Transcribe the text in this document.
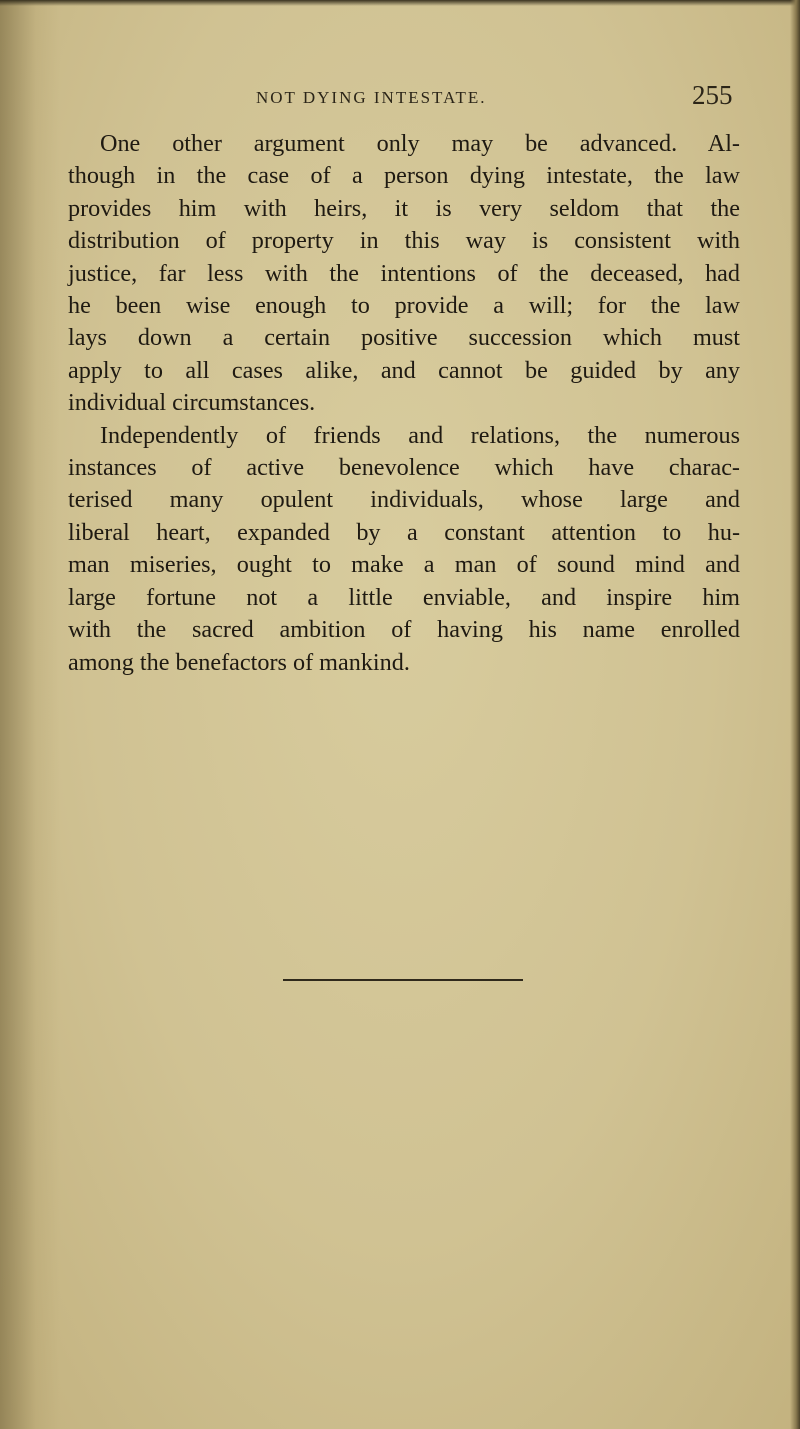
NOT DYING INTESTATE.	255
One other argument only may be advanced. Al-
though in the case of a person dying intestate, the law
provides him with heirs, it is very seldom that the
distribution of property in this way is consistent with
justice, far less with the intentions of the deceased, had
he been wise enough to provide a will; for the law
lays down a certain positive succession which must
apply to all cases alike, and cannot be guided by any
individual circumstances.
Independently of friends and relations, the numerous
instances of active benevolence which have charac-
terised many opulent individuals, whose large and
liberal heart, expanded by a constant attention to hu-
man miseries, ought to make a man of sound mind and
large fortune not a little enviable, and inspire him
with the sacred ambition of having his name enrolled
among the benefactors of mankind.
